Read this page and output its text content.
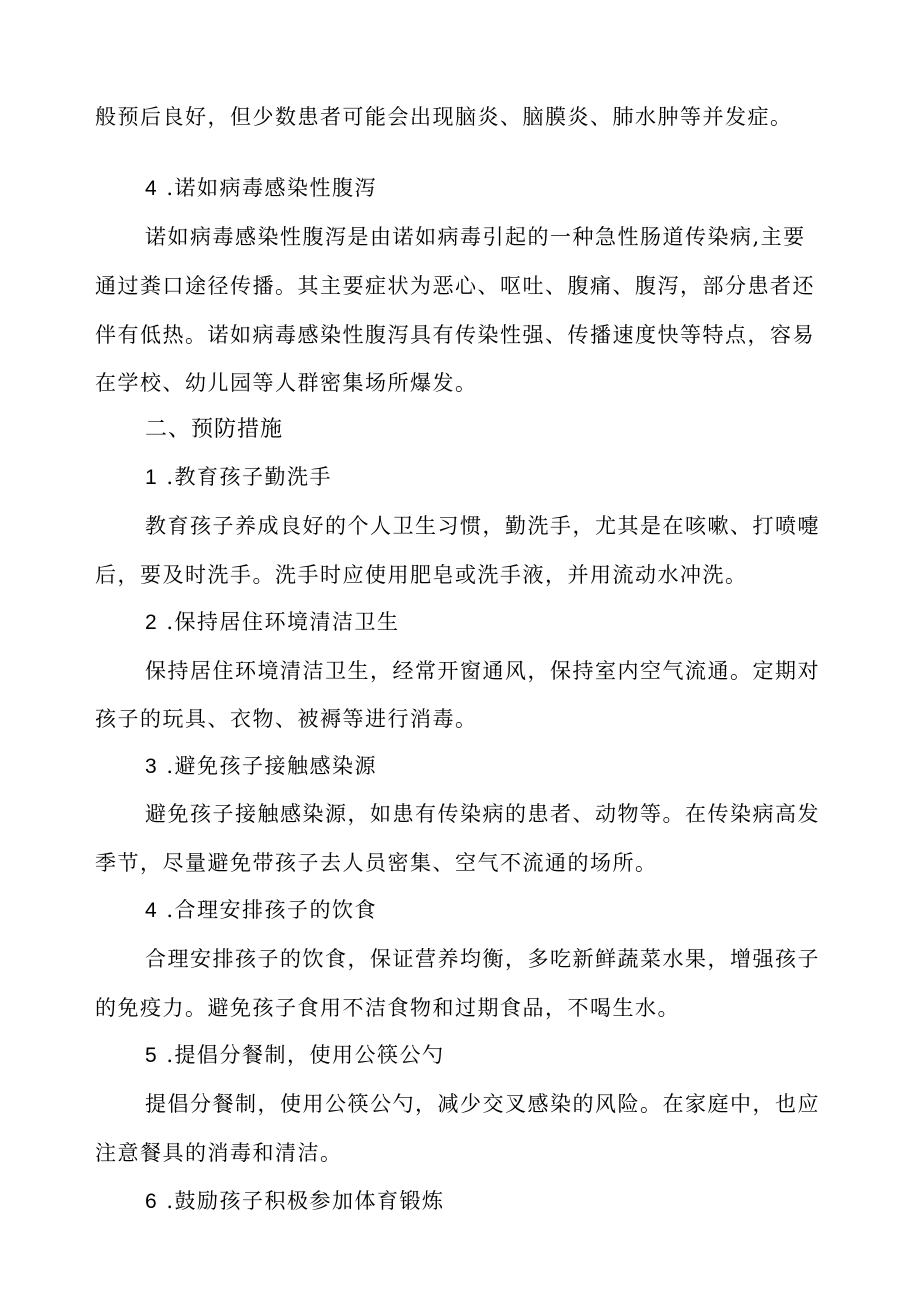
般预后良好，但少数患者可能会出现脑炎、脑膜炎、肺水肿等并发症。
4 .诺如病毒感染性腹泻
诺如病毒感染性腹泻是由诺如病毒引起的一种急性肠道传染病,主要
通过粪口途径传播。其主要症状为恶心、呕吐、腹痛、腹泻，部分患者还
伴有低热。诺如病毒感染性腹泻具有传染性强、传播速度快等特点，容易
在学校、幼儿园等人群密集场所爆发。
二、预防措施
1 .教育孩子勤洗手
教育孩子养成良好的个人卫生习惯，勤洗手，尤其是在咳嗽、打喷嚏
后，要及时洗手。洗手时应使用肥皂或洗手液，并用流动水冲洗。
2 .保持居住环境清洁卫生
保持居住环境清洁卫生，经常开窗通风，保持室内空气流通。定期对
孩子的玩具、衣物、被褥等进行消毒。
3 .避免孩子接触感染源
避免孩子接触感染源，如患有传染病的患者、动物等。在传染病高发
季节，尽量避免带孩子去人员密集、空气不流通的场所。
4 .合理安排孩子的饮食
合理安排孩子的饮食，保证营养均衡，多吃新鲜蔬菜水果，增强孩子
的免疫力。避免孩子食用不洁食物和过期食品，不喝生水。
5 .提倡分餐制，使用公筷公勺
提倡分餐制，使用公筷公勺，减少交叉感染的风险。在家庭中，也应
注意餐具的消毒和清洁。
6 .鼓励孩子积极参加体育锻炼
